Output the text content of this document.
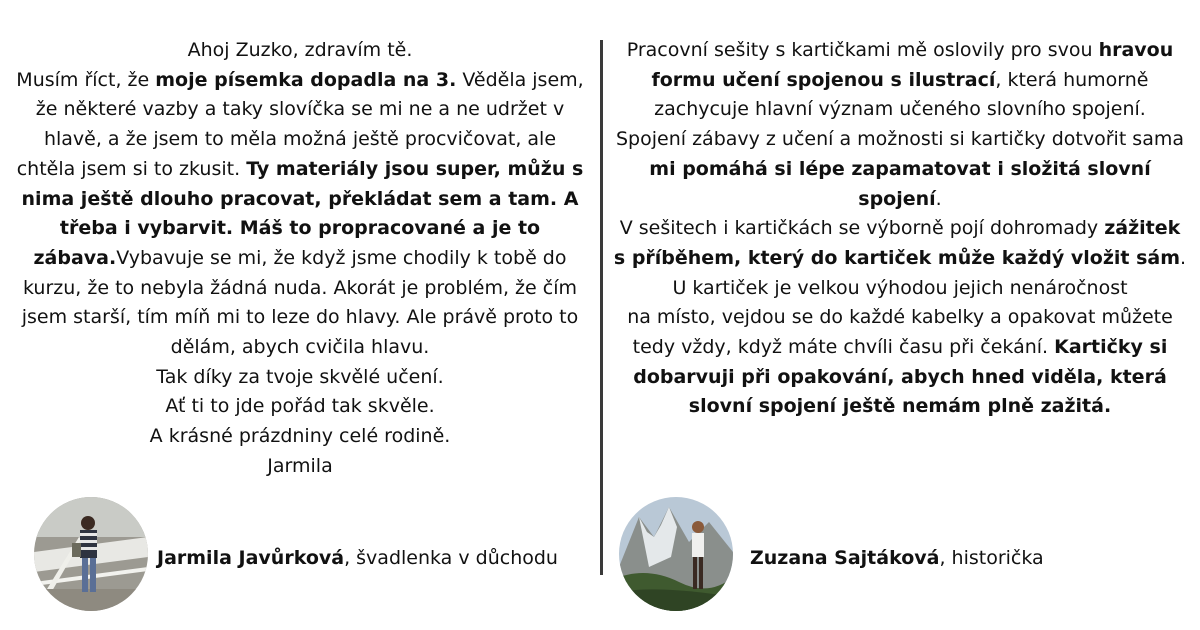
Ahoj Zuzko, zdravím tě.

Musím říct, že moje písemka dopadla na 3. Věděla jsem, že některé vazby a taky slovíčka se mi ne a ne udržet v hlavě, a že jsem to měla možná ještě procvičovat, ale chtěla jsem si to zkusit. Ty materiály jsou super, můžu s nima ještě dlouho pracovat, překládat sem a tam. A třeba i vybarvit. Máš to propracované a je to zábava.Vybavuje se mi, že když jsme chodily k tobě do kurzu, že to nebyla žádná nuda. Akorát je problém, že čím jsem starší, tím míň mi to leze do hlavy. Ale právě proto to dělám, abych cvičila hlavu.

Tak díky za tvoje skvělé učení.

Ať ti to jde pořád tak skvěle.

A krásné prázdniny celé rodině.

Jarmila

Pracovní sešity s kartičkami mě oslovily pro svou hravou formu učení spojenou s ilustrací, která humorně zachycuje hlavní význam učeného slovního spojení.

Spojení zábavy z učení a možnosti si kartičky dotvořit sama mi pomáhá si lépe zapamatovat i složitá slovní spojení.

V sešitech i kartičkách se výborně pojí dohromady zážitek s příběhem, který do kartiček může každý vložit sám.

U kartiček je velkou výhodou jejich nenáročnost
na místo, vejdou se do každé kabelky a opakovat můžete tedy vždy, když máte chvíli času při čekání. Kartičky si dobarvuji při opakování, abych hned viděla, která slovní spojení ještě nemám plně zažitá.

Jarmila Javůrková, švadlenka v důchodu	Zuzana Sajtáková, historička
